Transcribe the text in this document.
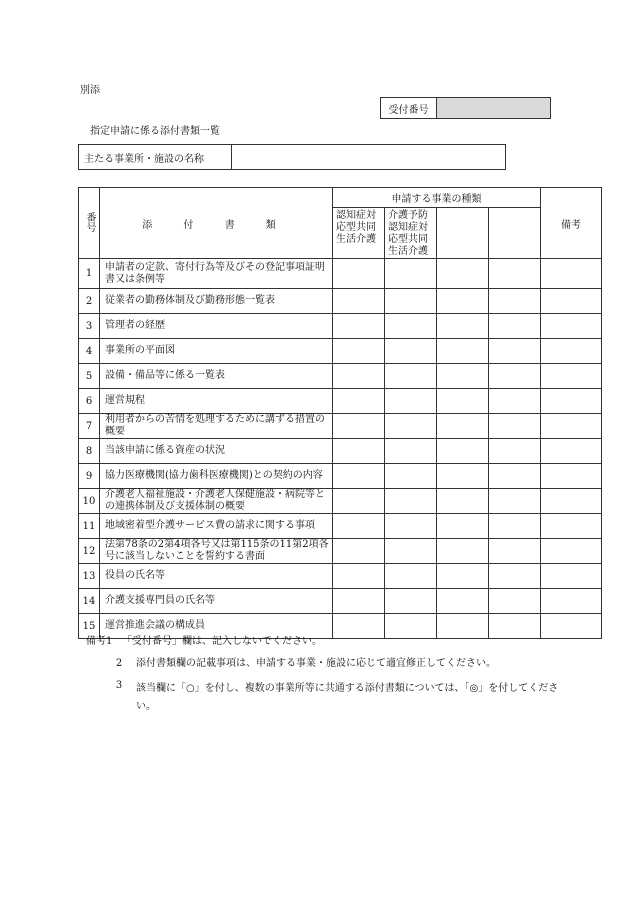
別添
受付番号	
指定申請に係る添付書類一覧
主たる事業所・施設の名称	
番号	添 付 書 類	申請する事業の種類				備考
		認知症対応型共同生活介護	介護予防認知症対応型共同生活介護			
1	申請者の定款、寄付行為等及びその登記事項証明書又は条例等					
2	従業者の勤務体制及び勤務形態一覧表					
3	管理者の経歴					
4	事業所の平面図					
5	設備・備品等に係る一覧表					
6	運営規程					
7	利用者からの苦情を処理するために講ずる措置の概要					
8	当該申請に係る資産の状況					
9	協力医療機関(協力歯科医療機関)との契約の内容					
10	介護老人福祉施設・介護老人保健施設・病院等との連携体制及び支援体制の概要					
11	地域密着型介護サービス費の請求に関する事項					
12	法第78条の2第4項各号又は第115条の11第2項各号に該当しないことを誓約する書面					
13	役員の氏名等					
14	介護支援専門員の氏名等					
15	運営推進会議の構成員					
備考1 「受付番号」欄は、記入しないでください。
2	添付書類欄の記載事項は、申請する事業・施設に応じて適宜修正してください。
3	該当欄に「○」を付し、複数の事業所等に共通する添付書類については、「◎」を付してください。
